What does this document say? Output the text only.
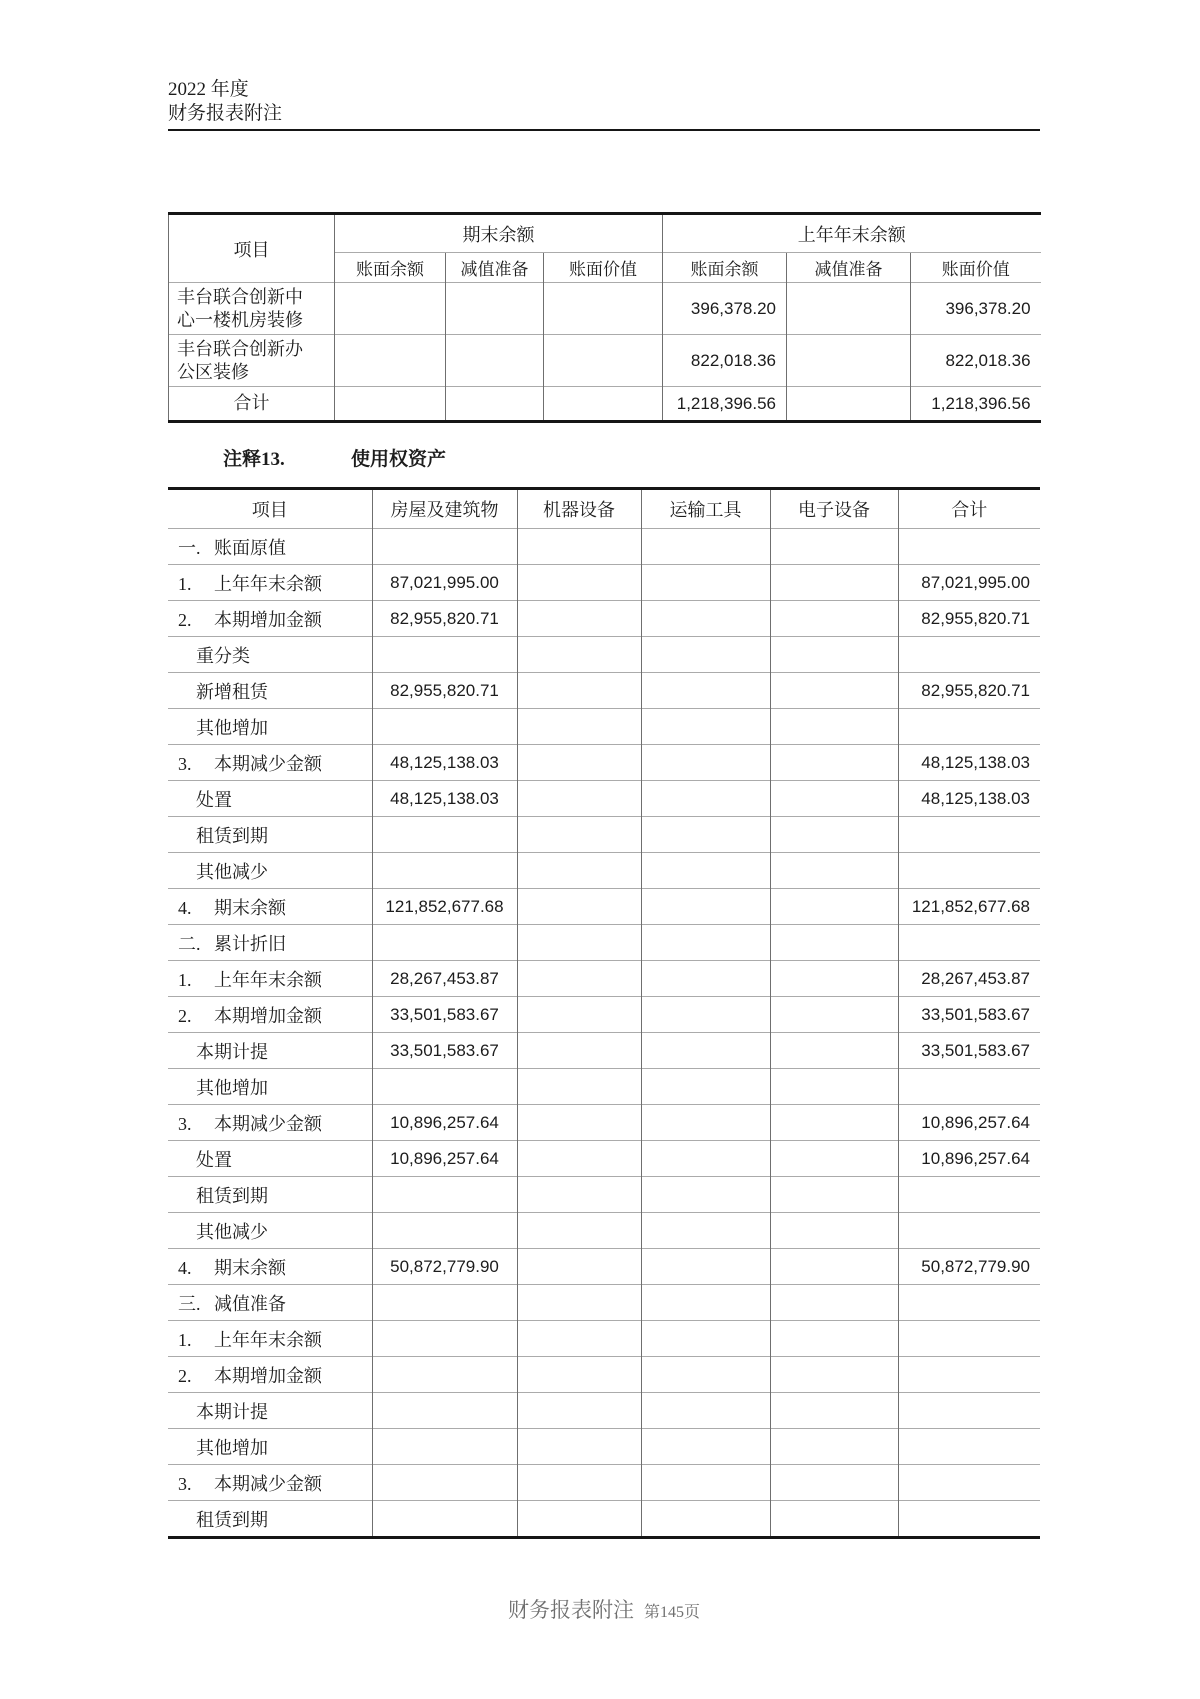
2022 年度
财务报表附注
项目	期末余额			上年年末余额		
	账面余额	减值准备	账面价值	账面余额	减值准备	账面价值
丰台联合创新中心一楼机房装修				396,378.20		396,378.20
丰台联合创新办公区装修				822,018.36		822,018.36
合计				1,218,396.56		1,218,396.56
注释13.	使用权资产
项目	房屋及建筑物	机器设备	运输工具	电子设备	合计
一. 账面原值					
1. 上年年末余额	87,021,995.00				87,021,995.00
2. 本期增加金额	82,955,820.71				82,955,820.71
重分类					
新增租赁	82,955,820.71				82,955,820.71
其他增加					
3. 本期减少金额	48,125,138.03				48,125,138.03
处置	48,125,138.03				48,125,138.03
租赁到期					
其他减少					
4. 期末余额	121,852,677.68				121,852,677.68
二. 累计折旧					
1. 上年年末余额	28,267,453.87				28,267,453.87
2. 本期增加金额	33,501,583.67				33,501,583.67
本期计提	33,501,583.67				33,501,583.67
其他增加					
3. 本期减少金额	10,896,257.64				10,896,257.64
处置	10,896,257.64				10,896,257.64
租赁到期					
其他减少					
4. 期末余额	50,872,779.90				50,872,779.90
三. 减值准备					
1. 上年年末余额					
2. 本期增加金额					
本期计提					
其他增加					
3. 本期减少金额					
租赁到期					
财务报表附注 第145页
